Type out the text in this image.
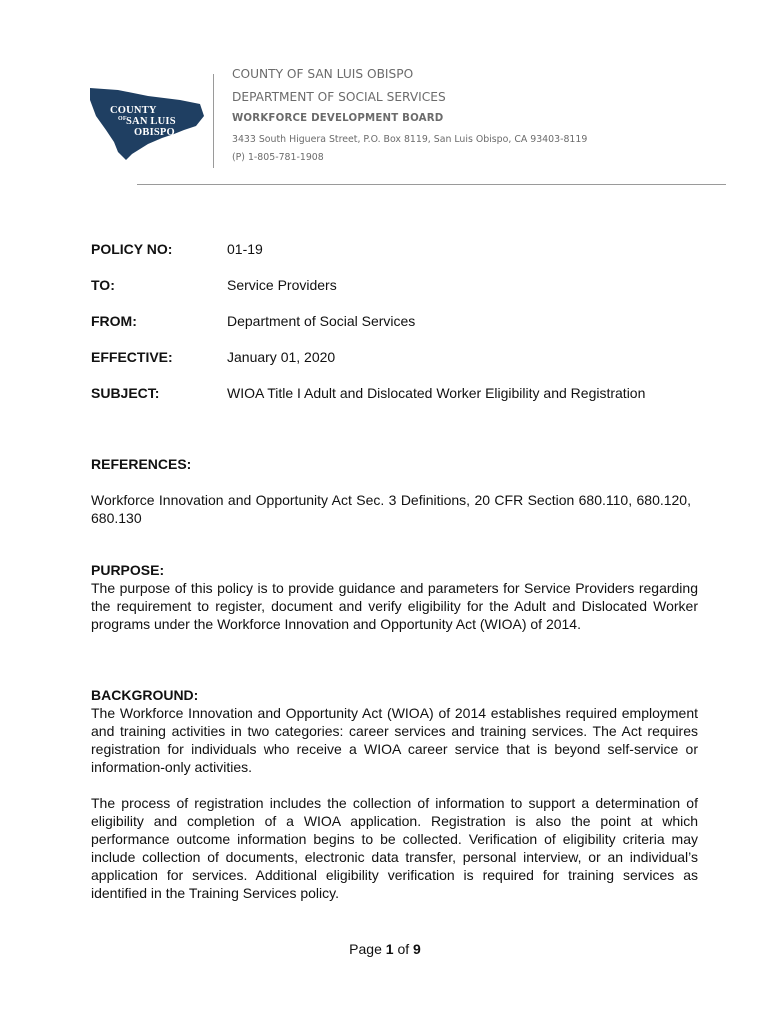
COUNTY
OF SAN LUIS
OBISPO
COUNTY OF SAN LUIS OBISPO
DEPARTMENT OF SOCIAL SERVICES
WORKFORCE DEVELOPMENT BOARD
3433 South Higuera Street, P.O. Box 8119, San Luis Obispo, CA 93403-8119
(P) 1-805-781-1908
POLICY NO:	01-19
TO:	Service Providers
FROM:	Department of Social Services
EFFECTIVE:	January 01, 2020
SUBJECT:	WIOA Title I Adult and Dislocated Worker Eligibility and Registration
REFERENCES:
Workforce Innovation and Opportunity Act Sec. 3 Definitions, 20 CFR Section 680.110, 680.120, 680.130
PURPOSE:
The purpose of this policy is to provide guidance and parameters for Service Providers regarding the requirement to register, document and verify eligibility for the Adult and Dislocated Worker programs under the Workforce Innovation and Opportunity Act (WIOA) of 2014.
BACKGROUND:
The Workforce Innovation and Opportunity Act (WIOA) of 2014 establishes required employment and training activities in two categories: career services and training services. The Act requires registration for individuals who receive a WIOA career service that is beyond self-service or information-only activities.
The process of registration includes the collection of information to support a determination of eligibility and completion of a WIOA application. Registration is also the point at which performance outcome information begins to be collected. Verification of eligibility criteria may include collection of documents, electronic data transfer, personal interview, or an individual’s application for services. Additional eligibility verification is required for training services as identified in the Training Services policy.
Page 1 of 9
